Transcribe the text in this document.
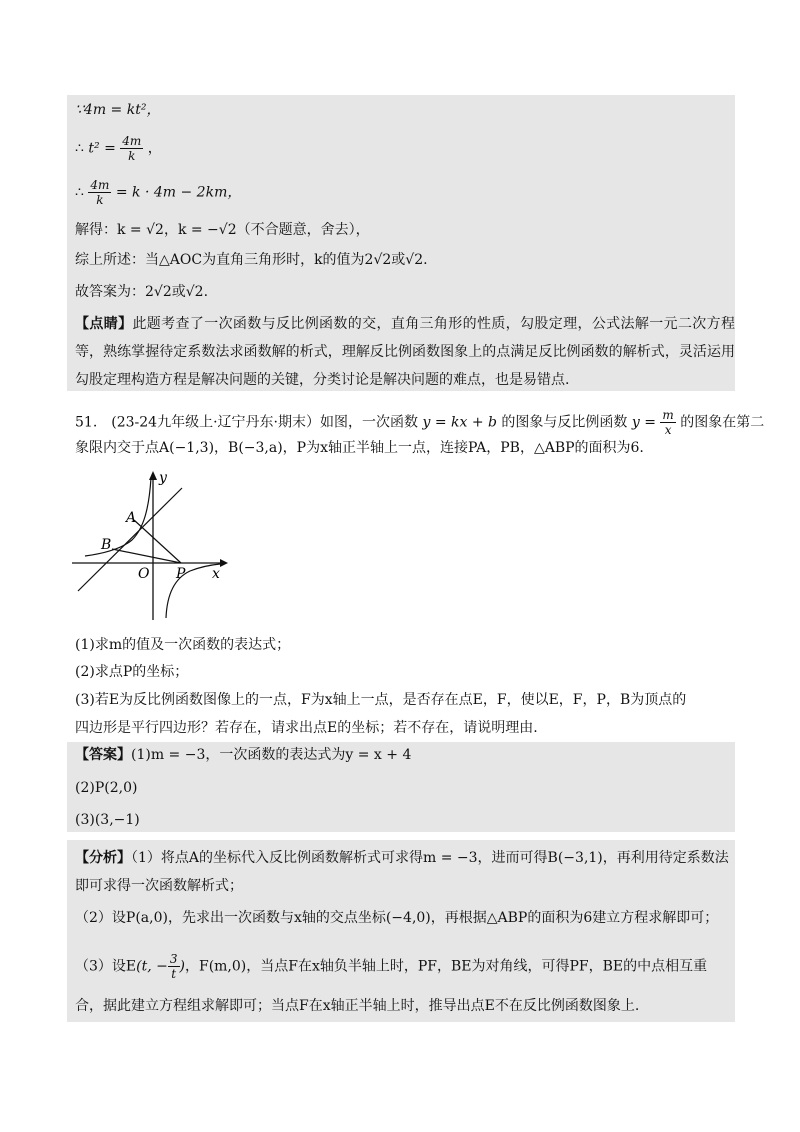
∵4m = kt²，
∴ $t^2 = \frac{4m}{k}$ ，
∴ $\frac{4m}{k} = k \cdot 4m - 2km$，
解得：k = √2，k = −√2（不合题意，舍去），
综上所述：当△AOC为直角三角形时，k的值为2√2或√2.
故答案为：2√2或√2.
【点睛】此题考查了一次函数与反比例函数的交，直角三角形的性质，勾股定理，公式法解一元二次方程等，熟练掌握待定系数法求函数解的析式，理解反比例函数图象上的点满足反比例函数的解析式，灵活运用勾股定理构造方程是解决问题的关键，分类讨论是解决问题的难点，也是易错点.
51.　(23-24九年级上·辽宁丹东·期末）如图，一次函数 y = kx + b 的图象与反比例函数 $y = \frac{m}{x}$ 的图象在第二
象限内交于点A(−1,3)，B(−3,a)，P为x轴正半轴上一点，连接PA，PB，△ABP的面积为6.
x
y
A
B
O P
(1)求m的值及一次函数的表达式；
(2)求点P的坐标；
(3)若E为反比例函数图像上的一点，F为x轴上一点，是否存在点E，F，使以E，F，P，B为顶点的
四边形是平行四边形？若存在，请求出点E的坐标；若不存在，请说明理由.
【答案】(1)m = −3，一次函数的表达式为y = x + 4
(2)P(2,0)
(3)(3,−1)
【分析】（1）将点A的坐标代入反比例函数解析式可求得m = −3，进而可得B(−3,1)，再利用待定系数法
即可求得一次函数解析式；
（2）设P(a,0)，先求出一次函数与x轴的交点坐标(−4,0)，再根据△ABP的面积为6建立方程求解即可；
（3）设E(t, − $\frac{3}{t}$ )，F(m,0)，当点F在x轴负半轴上时，PF，BE为对角线，可得PF，BE的中点相互重
合，据此建立方程组求解即可；当点F在x轴正半轴上时，推导出点E不在反比例函数图象上.
